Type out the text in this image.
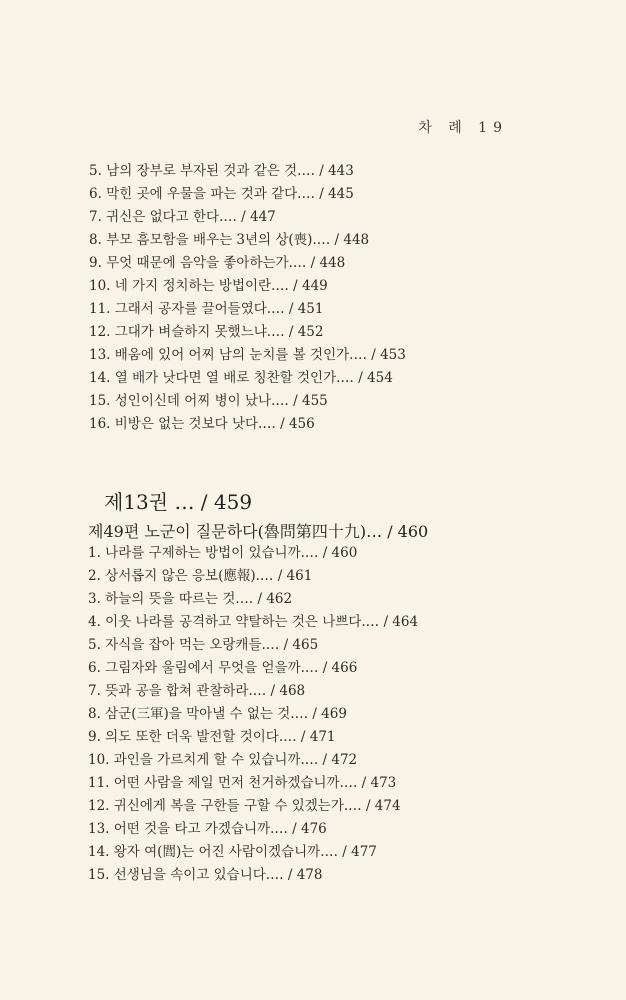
차 례 19
5. 남의 장부로 부자된 것과 같은 것.… / 443
6. 막힌 곳에 우물을 파는 것과 같다.… / 445
7. 귀신은 없다고 한다.… / 447
8. 부모 흠모함을 배우는 3년의 상(喪).… / 448
9. 무엇 때문에 음악을 좋아하는가.… / 448
10. 네 가지 정치하는 방법이란.… / 449
11. 그래서 공자를 끌어들였다.… / 451
12. 그대가 벼슬하지 못했느냐.… / 452
13. 배움에 있어 어찌 남의 눈치를 볼 것인가.… / 453
14. 열 배가 낫다면 열 배로 칭찬할 것인가.… / 454
15. 성인이신데 어찌 병이 났나.… / 455
16. 비방은 없는 것보다 낫다.… / 456
제13권 … / 459
제49편 노군이 질문하다(魯問第四十九)… / 460
1. 나라를 구제하는 방법이 있습니까.… / 460
2. 상서롭지 않은 응보(應報).… / 461
3. 하늘의 뜻을 따르는 것.… / 462
4. 이웃 나라를 공격하고 약탈하는 것은 나쁘다.… / 464
5. 자식을 잡아 먹는 오랑캐들.… / 465
6. 그림자와 울림에서 무엇을 얻을까.… / 466
7. 뜻과 공을 합쳐 관찰하라.… / 468
8. 삼군(三軍)을 막아낼 수 없는 것.… / 469
9. 의도 또한 더욱 발전할 것이다.… / 471
10. 과인을 가르치게 할 수 있습니까.… / 472
11. 어떤 사람을 제일 먼저 천거하겠습니까.… / 473
12. 귀신에게 복을 구한들 구할 수 있겠는가.… / 474
13. 어떤 것을 타고 가겠습니까.… / 476
14. 왕자 여(閭)는 어진 사람이겠습니까.… / 477
15. 선생님을 속이고 있습니다.… / 478
